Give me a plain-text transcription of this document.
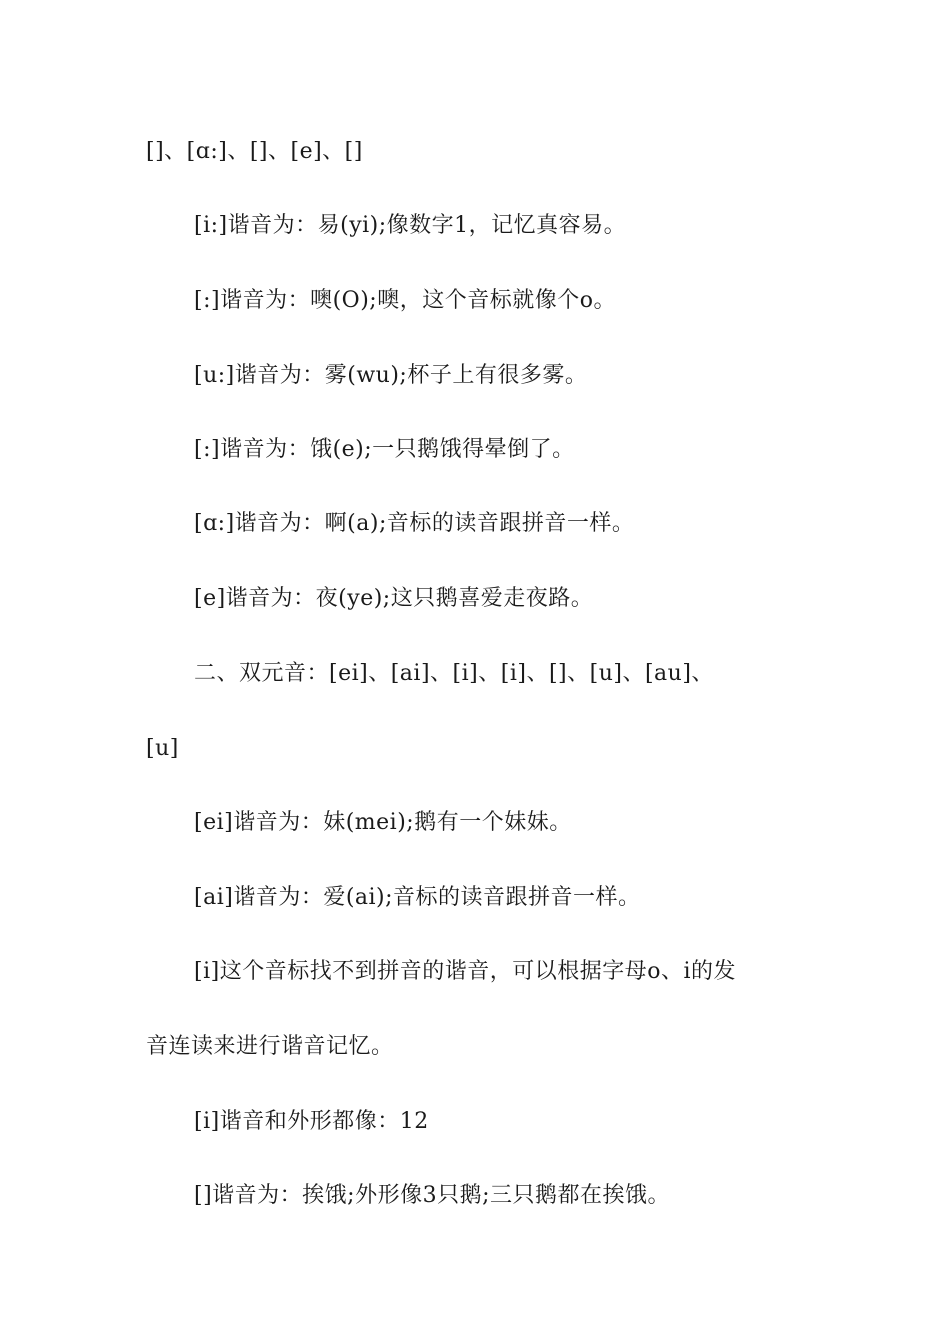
[]、[ɑ:]、[]、[e]、[]
[i:]谐音为：易(yi);像数字1，记忆真容易。
[:]谐音为：噢(O);噢，这个音标就像个o。
[u:]谐音为：雾(wu);杯子上有很多雾。
[:]谐音为：饿(e);一只鹅饿得晕倒了。
[ɑ:]谐音为：啊(a);音标的读音跟拼音一样。
[e]谐音为：夜(ye);这只鹅喜爱走夜路。
二、双元音：[ei]、[ai]、[i]、[i]、[]、[u]、[au]、
[u]
[ei]谐音为：妹(mei);鹅有一个妹妹。
[ai]谐音为：爱(ai);音标的读音跟拼音一样。
[i]这个音标找不到拼音的谐音，可以根据字母o、i的发
音连读来进行谐音记忆。
[i]谐音和外形都像：12
[]谐音为：挨饿;外形像3只鹅;三只鹅都在挨饿。
